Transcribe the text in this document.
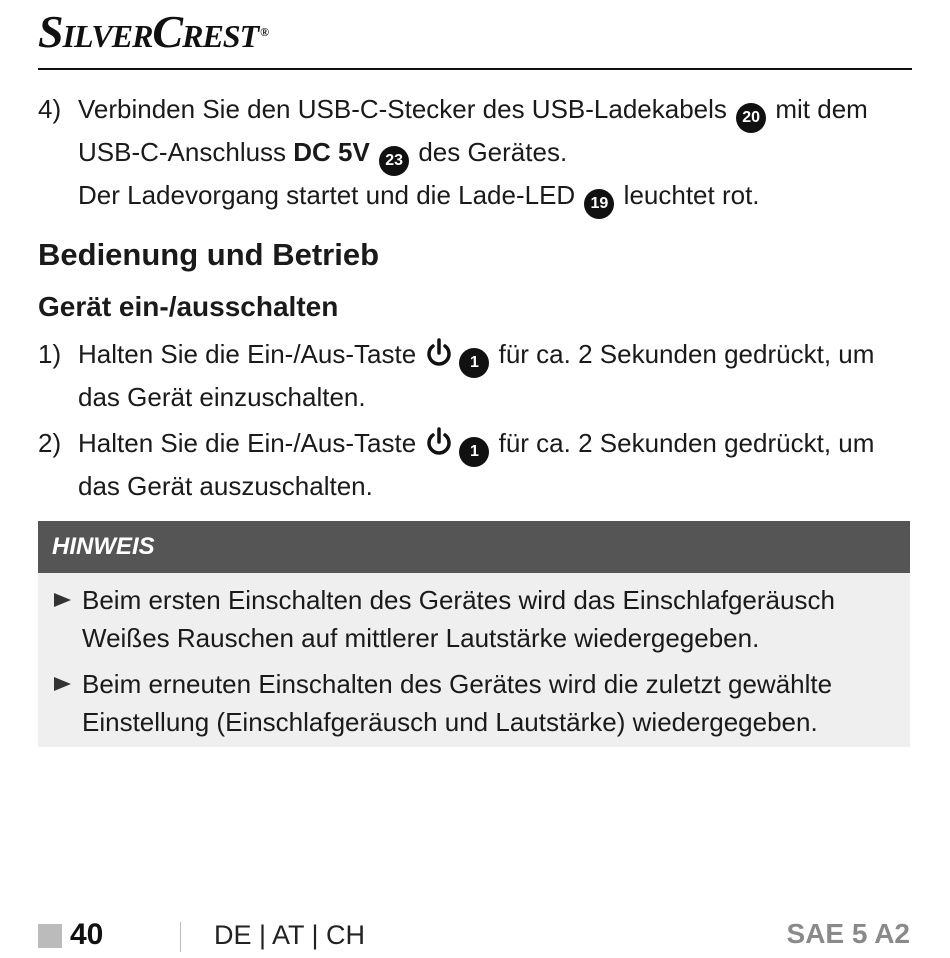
SilverCrest ®
4) Verbinden Sie den USB-C-Stecker des USB-Ladekabels 20 mit dem USB-C-Anschluss DC 5V 23 des Gerätes.
Der Ladevorgang startet und die Lade-LED 19 leuchtet rot.
Bedienung und Betrieb
Gerät ein-/ausschalten
1) Halten Sie die Ein-/Aus-Taste	1 für ca. 2 Sekunden gedrückt, um das Gerät einzuschalten.
2) Halten Sie die Ein-/Aus-Taste	1 für ca. 2 Sekunden gedrückt, um das Gerät auszuschalten.
HINWEIS
Beim ersten Einschalten des Gerätes wird das Einschlafgeräusch Weißes Rauschen auf mittlerer Lautstärke wiedergegeben.
Beim erneuten Einschalten des Gerätes wird die zuletzt gewählte Einstellung (Einschlafgeräusch und Lautstärke) wiedergegeben.
40	DE | AT | CH	SAE 5 A2
